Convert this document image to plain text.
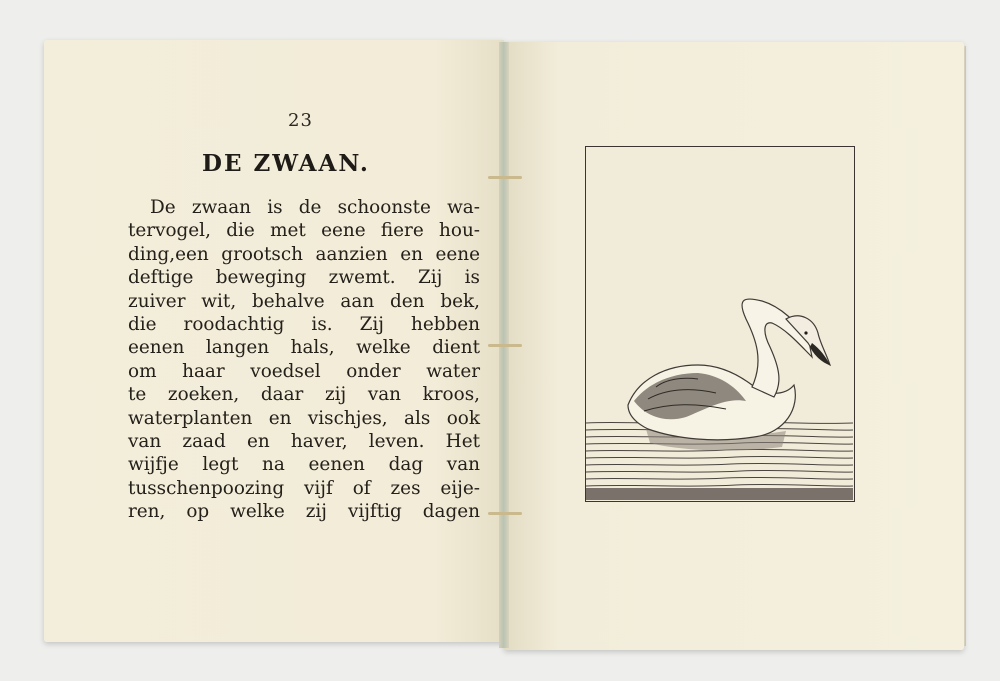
23
DE ZWAAN.
De zwaan is de schoonste wa-
tervogel, die met eene fiere hou-
ding,een grootsch aanzien en eene
deftige beweging zwemt. Zij is
zuiver wit, behalve aan den bek,
die roodachtig is. Zij hebben
eenen langen hals, welke dient
om haar voedsel onder water
te zoeken, daar zij van kroos,
waterplanten en vischjes, als ook
van zaad en haver, leven. Het
wijfje legt na eenen dag van
tusschenpoozing vijf of zes eije-
ren, op welke zij vijftig dagen
